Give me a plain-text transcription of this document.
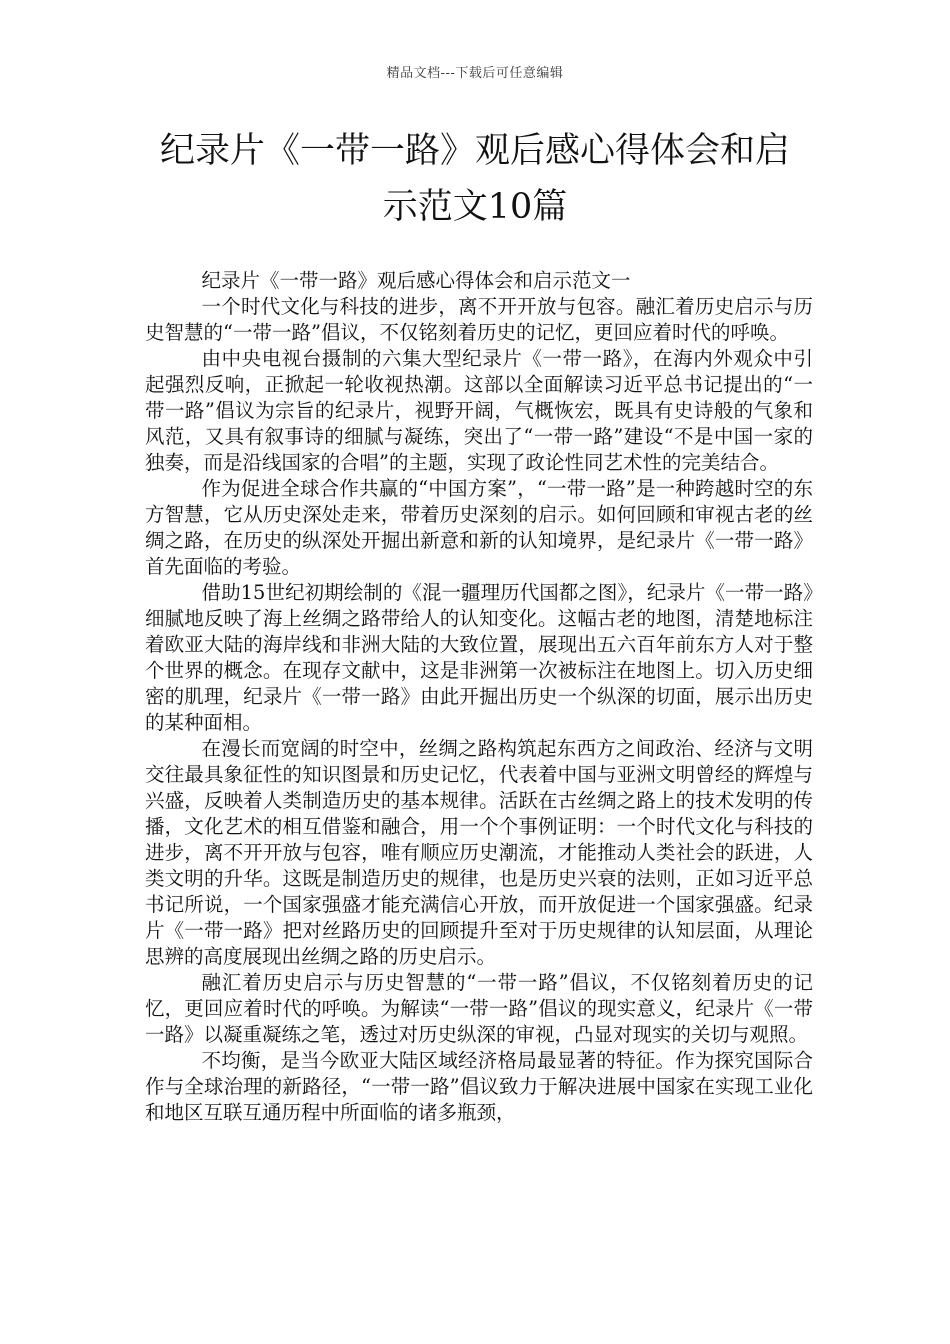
精品文档---下载后可任意编辑
纪录片《一带一路》观后感心得体会和启示范文10篇

纪录片《一带一路》观后感心得体会和启示范文一

一个时代文化与科技的进步，离不开开放与包容。融汇着历史启示与历史智慧的“一带一路”倡议，不仅铭刻着历史的记忆，更回应着时代的呼唤。

由中央电视台摄制的六集大型纪录片《一带一路》，在海内外观众中引起强烈反响，正掀起一轮收视热潮。这部以全面解读习近平总书记提出的“一带一路”倡议为宗旨的纪录片，视野开阔，气概恢宏，既具有史诗般的气象和风范，又具有叙事诗的细腻与凝练，突出了“一带一路”建设“不是中国一家的独奏，而是沿线国家的合唱”的主题，实现了政论性同艺术性的完美结合。

作为促进全球合作共赢的“中国方案”，“一带一路”是一种跨越时空的东方智慧，它从历史深处走来，带着历史深刻的启示。如何回顾和审视古老的丝绸之路，在历史的纵深处开掘出新意和新的认知境界，是纪录片《一带一路》首先面临的考验。

借助15世纪初期绘制的《混一疆理历代国都之图》，纪录片《一带一路》细腻地反映了海上丝绸之路带给人的认知变化。这幅古老的地图，清楚地标注着欧亚大陆的海岸线和非洲大陆的大致位置，展现出五六百年前东方人对于整个世界的概念。在现存文献中，这是非洲第一次被标注在地图上。切入历史细密的肌理，纪录片《一带一路》由此开掘出历史一个纵深的切面，展示出历史的某种面相。

在漫长而宽阔的时空中，丝绸之路构筑起东西方之间政治、经济与文明交往最具象征性的知识图景和历史记忆，代表着中国与亚洲文明曾经的辉煌与兴盛，反映着人类制造历史的基本规律。活跃在古丝绸之路上的技术发明的传播，文化艺术的相互借鉴和融合，用一个个事例证明：一个时代文化与科技的进步，离不开开放与包容，唯有顺应历史潮流，才能推动人类社会的跃进，人类文明的升华。这既是制造历史的规律，也是历史兴衰的法则，正如习近平总书记所说，一个国家强盛才能充满信心开放，而开放促进一个国家强盛。纪录片《一带一路》把对丝路历史的回顾提升至对于历史规律的认知层面，从理论思辨的高度展现出丝绸之路的历史启示。

融汇着历史启示与历史智慧的“一带一路”倡议，不仅铭刻着历史的记忆，更回应着时代的呼唤。为解读“一带一路”倡议的现实意义，纪录片《一带一路》以凝重凝练之笔，透过对历史纵深的审视，凸显对现实的关切与观照。

不均衡，是当今欧亚大陆区域经济格局最显著的特征。作为探究国际合作与全球治理的新路径，“一带一路”倡议致力于解决进展中国家在实现工业化和地区互联互通历程中所面临的诸多瓶颈，
